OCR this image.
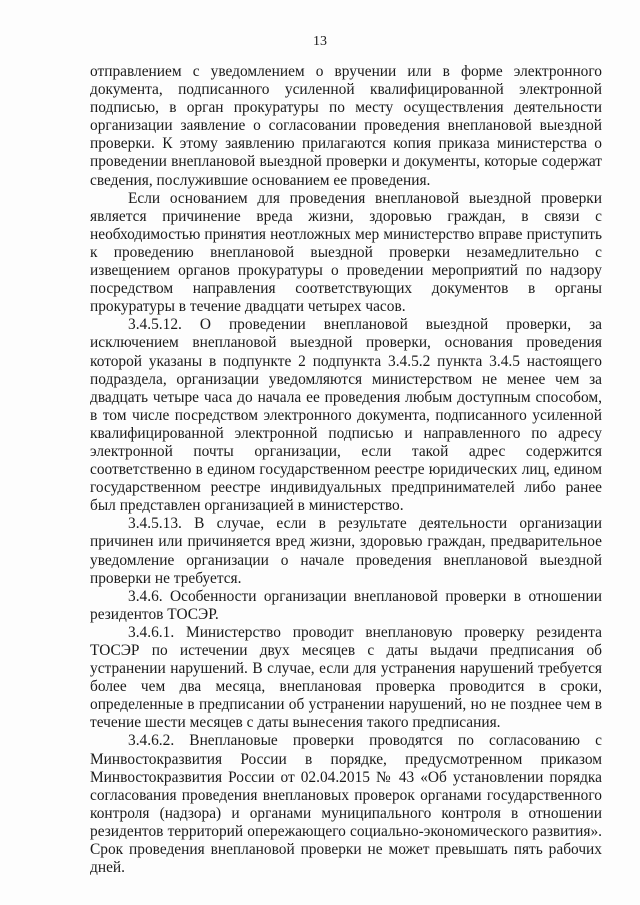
13

отправлением с уведомлением о вручении или в форме электронного документа, подписанного усиленной квалифицированной электронной подписью, в орган прокуратуры по месту осуществления деятельности организации заявление о согласовании проведения внеплановой выездной проверки. К этому заявлению прилагаются копия приказа министерства о проведении внеплановой выездной проверки и документы, которые содержат сведения, послужившие основанием ее проведения.

Если основанием для проведения внеплановой выездной проверки является причинение вреда жизни, здоровью граждан, в связи с необходимостью принятия неотложных мер министерство вправе приступить к проведению внеплановой выездной проверки незамедлительно с извещением органов прокуратуры о проведении мероприятий по надзору посредством направления соответствующих документов в органы прокуратуры в течение двадцати четырех часов.

3.4.5.12. О проведении внеплановой выездной проверки, за исключением внеплановой выездной проверки, основания проведения которой указаны в подпункте 2 подпункта 3.4.5.2 пункта 3.4.5 настоящего подраздела, организации уведомляются министерством не менее чем за двадцать четыре часа до начала ее проведения любым доступным способом, в том числе посредством электронного документа, подписанного усиленной квалифицированной электронной подписью и направленного по адресу электронной почты организации, если такой адрес содержится соответственно в едином государственном реестре юридических лиц, едином государственном реестре индивидуальных предпринимателей либо ранее был представлен организацией в министерство.

3.4.5.13. В случае, если в результате деятельности организации причинен или причиняется вред жизни, здоровью граждан, предварительное уведомление организации о начале проведения внеплановой выездной проверки не требуется.

3.4.6. Особенности организации внеплановой проверки в отношении резидентов ТОСЭР.

3.4.6.1. Министерство проводит внеплановую проверку резидента ТОСЭР по истечении двух месяцев с даты выдачи предписания об устранении нарушений. В случае, если для устранения нарушений требуется более чем два месяца, внеплановая проверка проводится в сроки, определенные в предписании об устранении нарушений, но не позднее чем в течение шести месяцев с даты вынесения такого предписания.

3.4.6.2. Внеплановые проверки проводятся по согласованию с Минвостокразвития России в порядке, предусмотренном приказом Минвостокразвития России от 02.04.2015 № 43 «Об установлении порядка согласования проведения внеплановых проверок органами государственного контроля (надзора) и органами муниципального контроля в отношении резидентов территорий опережающего социально-экономического развития». Срок проведения внеплановой проверки не может превышать пять рабочих дней.
